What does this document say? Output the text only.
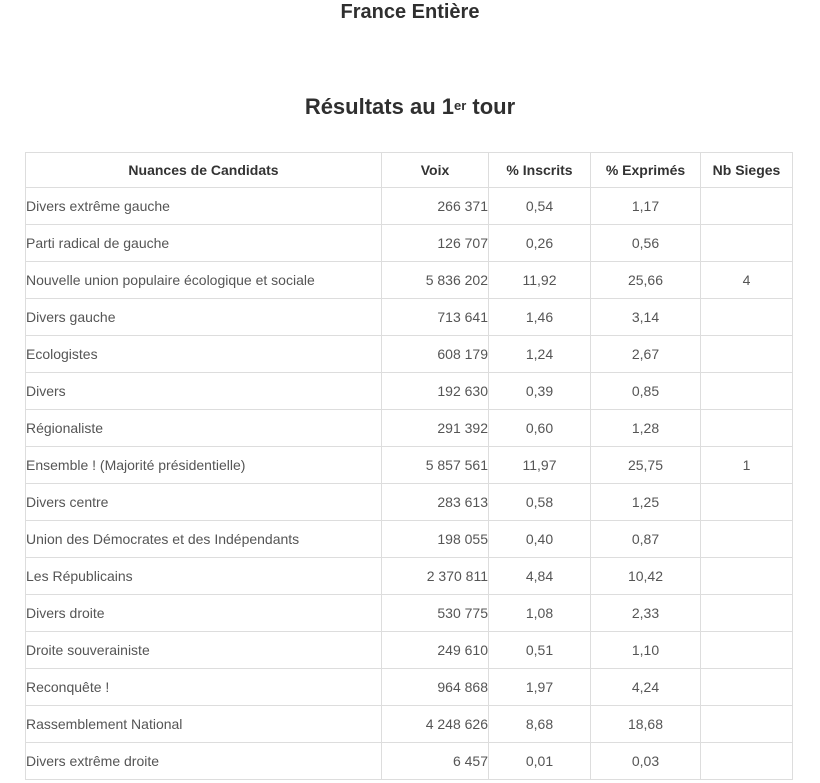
France Entière
Résultats au 1er tour
Nuances de Candidats	Voix	% Inscrits	% Exprimés	Nb Sieges
Divers extrême gauche	266 371	0,54	1,17	
Parti radical de gauche	126 707	0,26	0,56	
Nouvelle union populaire écologique et sociale	5 836 202	11,92	25,66	4
Divers gauche	713 641	1,46	3,14	
Ecologistes	608 179	1,24	2,67	
Divers	192 630	0,39	0,85	
Régionaliste	291 392	0,60	1,28	
Ensemble ! (Majorité présidentielle)	5 857 561	11,97	25,75	1
Divers centre	283 613	0,58	1,25	
Union des Démocrates et des Indépendants	198 055	0,40	0,87	
Les Républicains	2 370 811	4,84	10,42	
Divers droite	530 775	1,08	2,33	
Droite souverainiste	249 610	0,51	1,10	
Reconquête !	964 868	1,97	4,24	
Rassemblement National	4 248 626	8,68	18,68	
Divers extrême droite	6 457	0,01	0,03	
